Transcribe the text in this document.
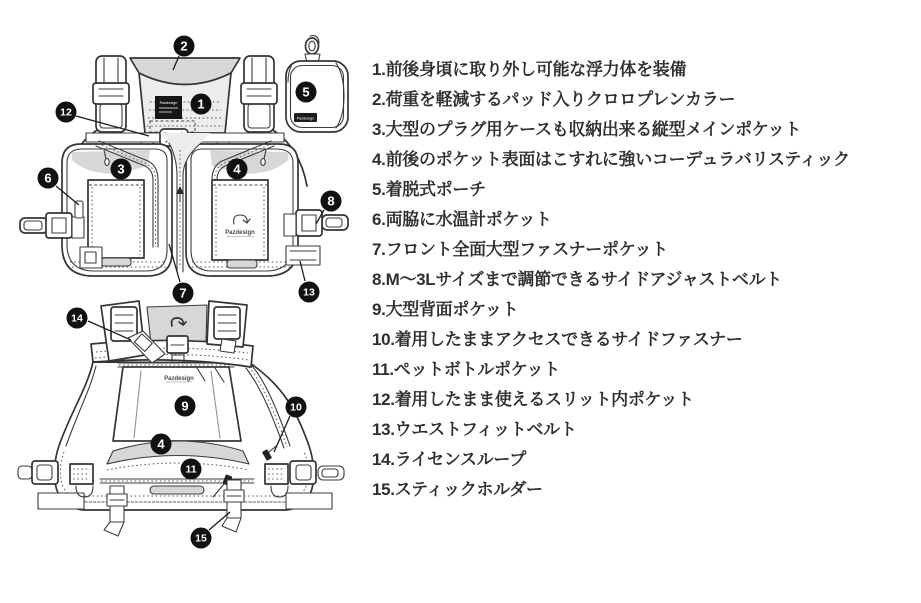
Pazdesign
Pazdesign
Pazdesign
Pazdesign
2
1
12
3	4
6
8
7	13
5
14
9	10
4
11
15
1.前後身頃に取り外し可能な浮力体を装備
2.荷重を軽減するパッド入りクロロプレンカラー
3.大型のプラグ用ケースも収納出来る縦型メインポケット
4.前後のポケット表面はこすれに強いコーデュラバリスティック
5.着脱式ポーチ
6.両脇に水温計ポケット
7.フロント全面大型ファスナーポケット
8.M〜3Lサイズまで調節できるサイドアジャストベルト
9.大型背面ポケット
10.着用したままアクセスできるサイドファスナー
11.ペットボトルポケット
12.着用したまま使えるスリット内ポケット
13.ウエストフィットベルト
14.ライセンスループ
15.スティックホルダー
